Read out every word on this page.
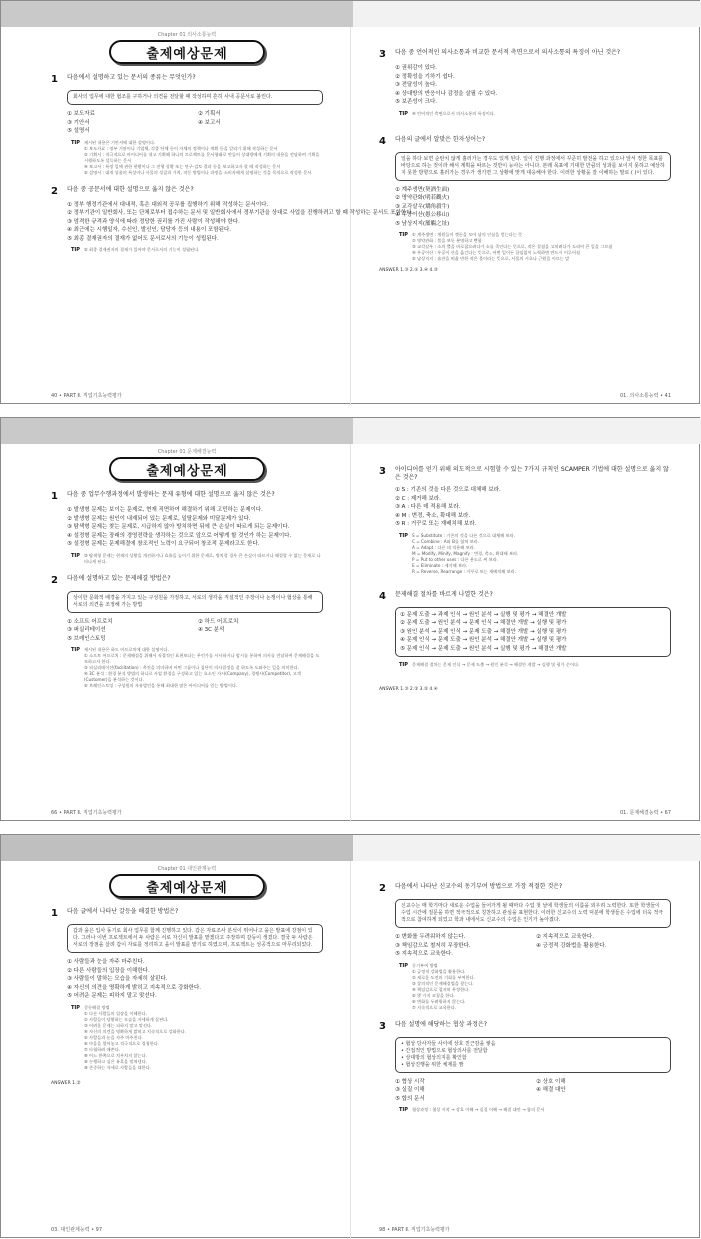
Chapter 01 의사소통능력
출제예상문제
1	다음에서 설명하고 있는 문서의 종류는 무엇인가?
회사의 업무에 대한 협조를 구하거나 의견을 전달할 때 작성하며 흔히 사내 공문서로 불린다.
① 보도자료	② 기획서
③ 기안서	④ 보고서
⑤ 설명서
TIP 제시된 내용은 기안서에 대한 설명이다.
① 보도자료 : 정부 기관이나 기업체, 각종 단체 등이 자체의 정책이나 계획 등을 알리기 위해 작성하는 문서
② 기획서 : 적극적으로 아이디어를 내고 기획해 하나의 프로젝트를 문서형태로 만들어 상대방에게 기획의 내용을 전달하여 기획을 시행하도록 설득하는 문서
④ 보고서 : 특정 일에 관한 현황이나 그 진행 상황 또는 연구·검토 결과 등을 보고하고자 할 때 작성하는 문서
⑤ 설명서 : 대개 상품의 특성이나 사물의 성질과 가치, 작동 방법이나 과정을 소비자에게 설명하는 것을 목적으로 작성한 문서
2	다음 중 공문서에 대한 설명으로 옳지 않은 것은?
① 정부 행정기관에서 대내적, 혹은 대외적 공무를 집행하기 위해 작성하는 문서이다.
② 정부기관이 일반회사, 또는 단체로부터 접수하는 문서 및 일반회사에서 정부기관을 상대로 사업을 진행하려고 할 때 작성하는 문서도 포함한다.
③ 엄격한 규격과 양식에 따라 정당한 권리를 가진 사람이 작성해야 한다.
④ 최근에는 시행일자, 수신인, 발신인, 담당자 등의 내용이 포함된다.
⑤ 최종 결재권자의 결재가 없어도 문서로서의 기능이 성립된다.
TIP ⑤ 최종 결재권자의 결재가 있어야 문서로서의 기능이 성립된다.
40 • PART Ⅱ. 직업기초능력평가
3	다음 중 언어적인 의사소통과 비교한 문서적 측면으로서 의사소통의 특징이 아닌 것은?
① 권위감이 있다.
② 정확성을 기하기 쉽다.
③ 전달성이 높다.
④ 상대방의 반응이나 감정을 살필 수 있다.
⑤ 보존성이 크다.
TIP ④ 언어적인 측면으로서 의사소통의 특징이다.
4	다음의 글에서 알맞은 한자성어는?
일을 하다 보면 순탄치 않게 흘러가는 경우도 있게 된다. 일이 진행 과정에서 꾸준히 발전을 하고 있으나 앞서 정한 목표를 바탕으로 하는 것이라 해서 계획을 따르는 것만이 능사는 아니다. 본래 목표에 기대한 만큼의 성과를 보이지 못하고 예상하지 못한 방향으로 흘러가는 경우가 생기면 그 상황에 맞게 대응해야 한다. 이러한 상황을 잘 이해하는 말로 ( )이 있다.
① 계주생면(契酒生面)
② 명약관화(明若觀火)
③ 교각살우(矯角殺牛)
④ 우공이산(愚公移山)
⑤ 남상지지(濫觴之址)
TIP ① 계주생면 : 계원들이 곗돈을 모아 남의 인심을 얻는다는 뜻
② 명약관화 : 불을 보듯 분명하고 뻔함
③ 교각살우 : 소의 뿔을 바로잡으려다가 소를 죽인다는 뜻으로, 작은 결점을 고치려다가 도리어 큰 일을 그르침
④ 우공이산 : 우공이 산을 옮긴다는 뜻으로, 어떤 일이든 끊임없이 노력하면 반드시 이루어짐
⑤ 남상지지 : 술잔을 띄울 만한 작은 물이라는 뜻으로, 사물의 시초나 근원을 이르는 말
ANSWER 1.③ 2.⑤ 3.④ 4.③
01. 의사소통능력 • 41
Chapter 01 문제해결능력
출제예상문제
1	다음 중 업무수행과정에서 발생하는 문제 유형에 대한 설명으로 옳지 않은 것은?
① 발생형 문제는 보이는 문제로, 현재 직면하여 해결하기 위해 고민하는 문제이다.
② 발생형 문제는 원인이 내재되어 있는 문제로, 일탈문제와 미달문제가 있다.
③ 탐색형 문제는 찾는 문제로, 시급하지 않아 방치하면 뒤에 큰 손실이 따르게 되는 문제이다.
④ 설정형 문제는 장래의 경영전략을 생각하는 것으로 앞으로 어떻게 할 것인가 하는 문제이다.
⑤ 설정형 문제는 문제해결에 창조적인 노력이 요구되어 창조적 문제라고도 한다.
TIP ③ 탐색형 문제는 현재의 상황을 개선하거나 효율을 높이기 위한 문제로, 방치할 경우 큰 손실이 따르거나 해결할 수 없는 문제로 나타나게 된다.
2	다음에 설명하고 있는 문제해결 방법은?
상이한 문화적 배경을 가지고 있는 구성원을 가정하고, 서로의 생각을 직설적인 주장이나 논쟁이나 협상을 통해 서로의 의견을 조정해 가는 방법
① 소프트 어프로치	② 하드 어프로치
③ 퍼실리테이션	④ 3C 분석
⑤ 브레인스토밍
TIP 제시된 내용은 하드 어프로치에 대한 설명이다.
① 소프트 어프로치 : 문제해결을 위해서 직접적인 표현보다는 무언가를 시사하거나 암시를 통하여 의사를 전달하여 문제해결을 도모하고자 한다.
③ 퍼실리테이션(facilitation) : 촉진을 의미하며 어떤 그룹이나 집단이 의사결정을 잘 하도록 도와주는 일을 의미한다.
④ 3C 분석 : 환경 분석 방법의 하나로 사업 환경을 구성하고 있는 요소인 자사(Company), 경쟁사(Competitor), 고객(Customer)을 분석하는 것이다.
⑤ 브레인스토밍 : 구성원의 자유발언을 통해 최대한 많은 아이디어를 얻는 방법이다.
66 • PART Ⅱ. 직업기초능력평가
3	아이디어를 얻기 위해 의도적으로 시험할 수 있는 7가지 규칙인 SCAMPER 기법에 대한 설명으로 옳지 않은 것은?
① S : 기존의 것을 다른 것으로 대체해 보라.
② C : 제거해 보라.
③ A : 다른 데 적용해 보라.
④ M : 변경, 축소, 확대해 보라.
⑤ R : 거꾸로 또는 재배치해 보라.
TIP S = Substitute : 기존의 것을 다른 것으로 대체해 보라.
C = Combine : A와 B를 합쳐 보라.
A = Adapt : 다른 데 적용해 보라.
M = Modify, Minify, Magnify : 변경, 축소, 확대해 보라.
P = Put to other uses : 다른 용도로 써 보라.
E = Eliminate : 제거해 보라.
R = Reverse, Rearrange : 거꾸로 또는 재배치해 보라.
4	문제해결 절차를 바르게 나열한 것은?
① 문제 도출 → 과제 인식 → 원인 분석 → 실행 및 평가 → 해결안 개발
② 문제 도출 → 원인 분석 → 문제 인식 → 해결안 개발 → 실행 및 평가
③ 원인 분석 → 문제 인식 → 문제 도출 → 해결안 개발 → 실행 및 평가
④ 문제 인식 → 문제 도출 → 원인 분석 → 해결안 개발 → 실행 및 평가
⑤ 문제 인식 → 문제 도출 → 원인 분석 → 실행 및 평가 → 해결안 개발
TIP 문제해결 절차는 문제 인식 → 문제 도출 → 원인 분석 → 해결안 개발 → 실행 및 평가 순이다.
ANSWER 1.③ 2.② 3.② 4.④
01. 문제해결능력 • 67
Chapter 01 대인관계능력
출제예상문제
1	다음 글에서 나타난 갈등을 해결한 방법은?
갑과 을은 입사 동기로 회사 업무를 함께 진행하고 있다. 갑은 자료조사 분석이 뛰어나고 을은 발표에 강점이 있다. 그러나 이번 프로젝트에서 두 사람은 서로 자신이 발표를 맡겠다고 주장하며 갈등이 생겼다. 결국 두 사람은 서로의 장점을 살려 갑이 자료를 정리하고 을이 발표를 맡기로 하였으며, 프로젝트는 성공적으로 마무리되었다.
① 사람들과 눈을 자주 마주친다.
② 다른 사람들의 입장을 이해한다.
③ 사람들이 말하는 모습을 자세히 살핀다.
④ 자신의 의견을 명확하게 밝히고 지속적으로 강화한다.
⑤ 어려운 문제는 피하지 말고 맞선다.
TIP 갈등해결 방법
① 다른 사람들의 입장을 이해한다.
② 사람들이 당황하는 모습을 자세하게 살핀다.
③ 어려운 문제는 피하지 말고 맞선다.
④ 자신의 의견을 명확하게 밝히고 지속적으로 강화한다.
⑤ 사람들과 눈을 자주 마주친다.
⑥ 마음을 열어놓고 적극적으로 경청한다.
⑦ 타협하려 애쓴다.
⑧ 어느 한쪽으로 치우치지 않는다.
⑨ 논쟁하고 싶은 유혹을 떨쳐낸다.
⑩ 존중하는 자세로 사람들을 대한다.
ANSWER 1.②
03. 대인관계능력 • 97
2	다음에서 나타난 신교수의 동기부여 방법으로 가장 적절한 것은?
신교수는 매 학기마다 새로운 수업을 들어가게 될 때마다 수업 첫 날에 학생들의 이름을 외우려 노력한다. 또한 학생들이 수업 시간에 질문을 하면 적극적으로 칭찬하고 관심을 표현한다. 이러한 신교수의 노력 덕분에 학생들은 수업에 더욱 적극적으로 참여하게 되었고 학과 내에서도 신교수의 수업은 인기가 높아졌다.
① 변화를 두려워하지 않는다.	② 지속적으로 교육한다.
③ 책임감으로 철저히 무장한다.	④ 긍정적 강화법을 활용한다.
⑤ 지속적으로 교육한다.
TIP 동기부여 방법
① 긍정적 강화법을 활용한다.
② 새로운 도전의 기회를 부여한다.
③ 창의적인 문제해결법을 찾는다.
④ 책임감으로 철저히 무장한다.
⑤ 몇 가지 코칭을 한다.
⑥ 변화를 두려워하지 않는다.
⑦ 지속적으로 교육한다.
3	다음 설명에 해당하는 협상 과정은?
• 협상 당사자들 사이에 상호 친근감을 쌓음
• 간접적인 방법으로 협상의사를 전달함
• 상대방의 협상의지를 확인함
• 협상진행을 위한 체제를 짬
① 협상 시작	② 상호 이해
③ 실질 이해	④ 해결 대안
⑤ 합의 문서
TIP 협상과정 : 협상 시작 → 상호 이해 → 실질 이해 → 해결 대안 → 합의 문서
98 • PART Ⅱ. 직업기초능력평가
